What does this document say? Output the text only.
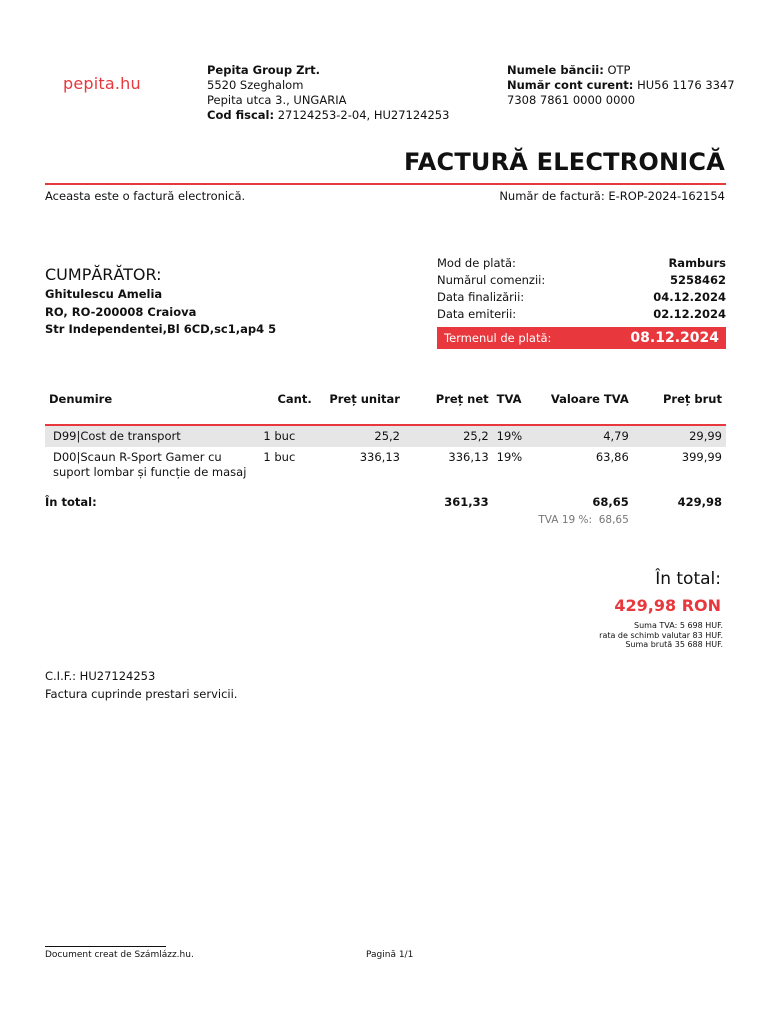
pepita.hu
Pepita Group Zrt.
5520 Szeghalom
Pepita utca 3., UNGARIA
Cod fiscal: 27124253-2-04, HU27124253
Numele băncii: OTP
Număr cont curent: HU56 1176 3347 7308 7861 0000 0000
FACTURĂ ELECTRONICĂ
Aceasta este o factură electronică.	Număr de factură: E-ROP-2024-162154
CUMPĂRĂTOR:
Ghitulescu Amelia
RO, RO-200008 Craiova
Str Independentei,Bl 6CD,sc1,ap4 5
Mod de plată:	Ramburs
Numărul comenzii:	5258462
Data finalizării:	04.12.2024
Data emiterii:	02.12.2024
Termenul de plată:	08.12.2024
Denumire	Cant.	Preț unitar	Preț net	TVA	Valoare TVA	Preț brut
D99|Cost de transport	1 buc	25,2	25,2	19%	4,79	29,99
D00|Scaun R-Sport Gamer cu suport lombar și funcție de masaj	1 buc	336,13	336,13	19%	63,86	399,99
În total:			361,33		68,65	429,98
				TVA 19 %: 68,65		
În total:
429,98 RON
Suma TVA: 5 698 HUF.
rata de schimb valutar 83 HUF.
Suma brută 35 688 HUF.
C.I.F.: HU27124253
Factura cuprinde prestari servicii.
Document creat de Számlázz.hu.	Pagină 1/1
